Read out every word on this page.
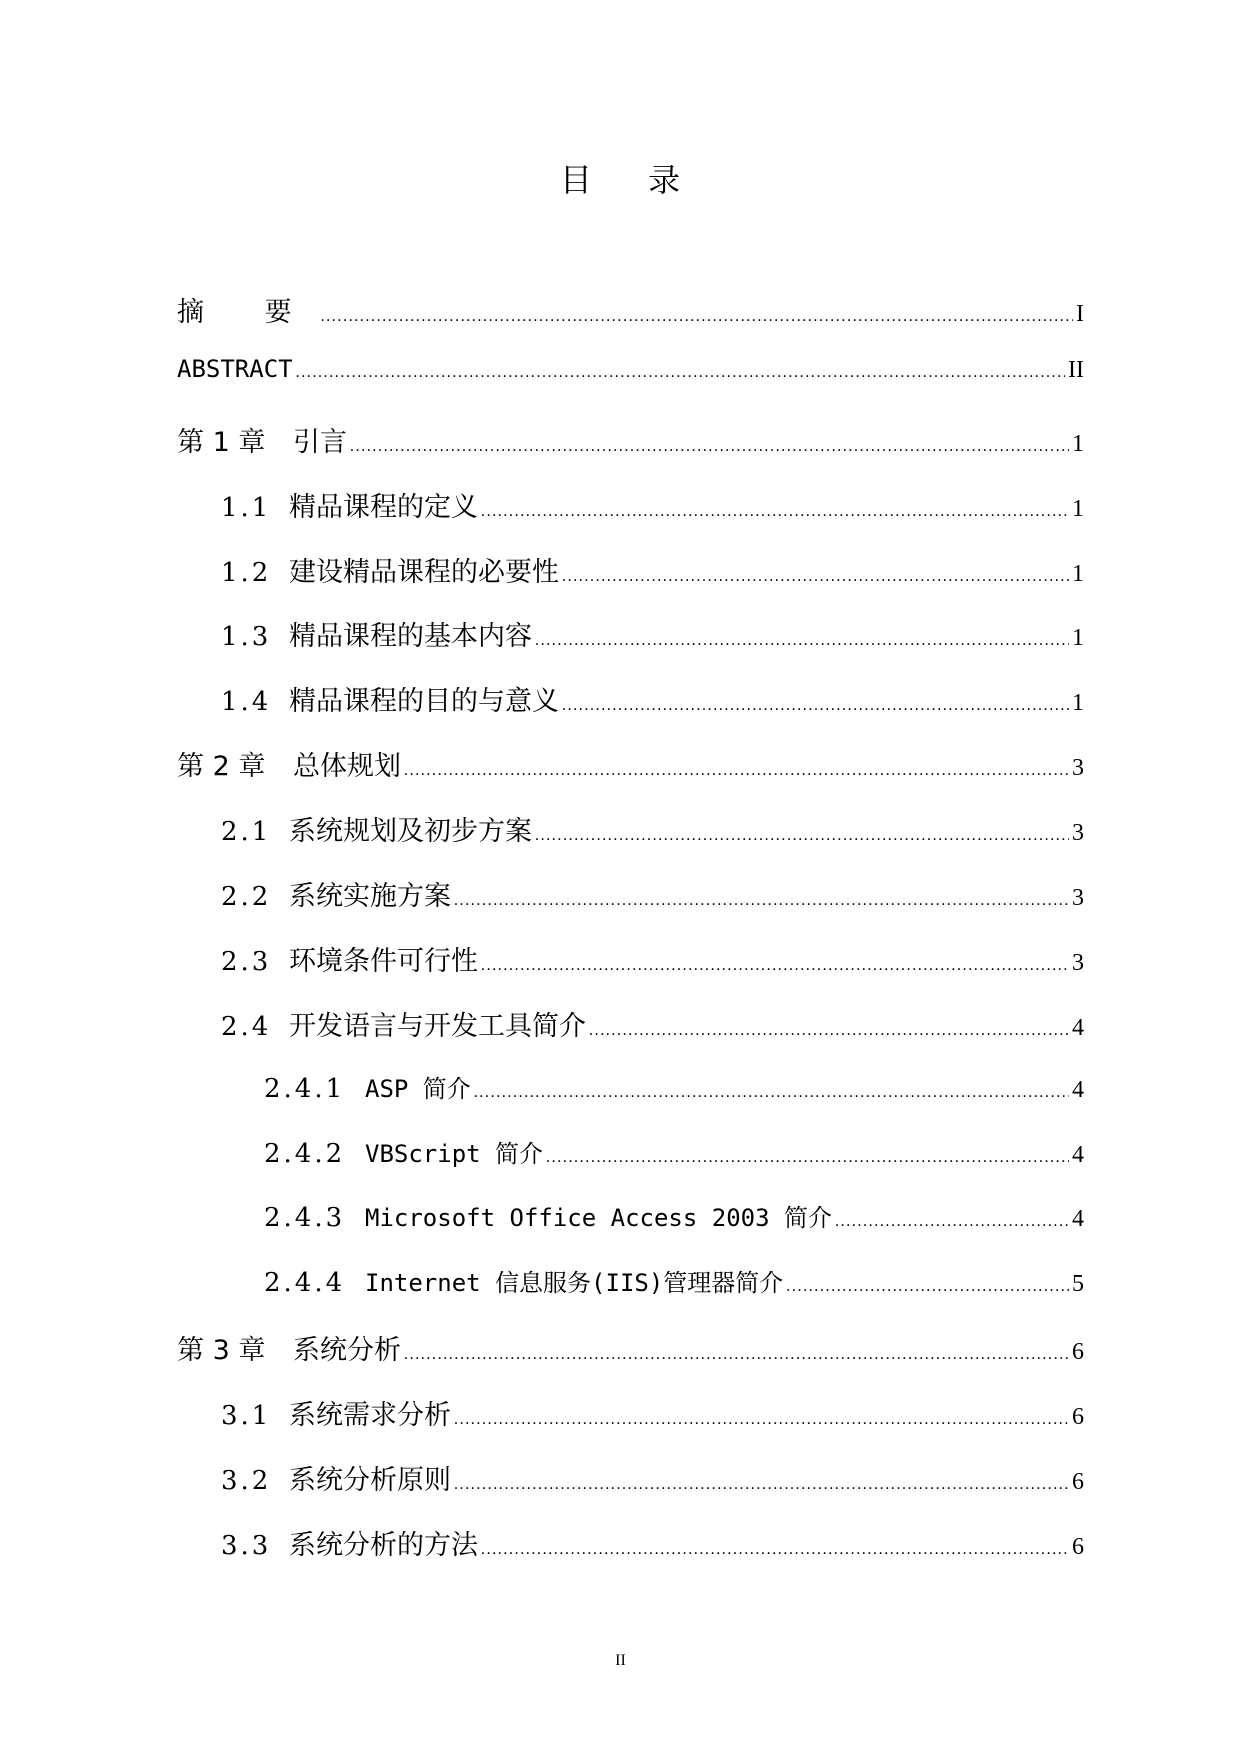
目 录
摘 要 .....	I
ABSTRACT .....	II
第 1 章	引言 .....	1
1.1 精品课程的定义 .....	1
1.2 建设精品课程的必要性 .....	1
1.3 精品课程的基本内容 .....	1
1.4 精品课程的目的与意义 .....	1
第 2 章	总体规划 .....	3
2.1 系统规划及初步方案 .....	3
2.2 系统实施方案 .....	3
2.3 环境条件可行性 .....	3
2.4 开发语言与开发工具简介 .....	4
2.4.1 ASP 简介 .....	4
2.4.2 VBScript 简介 .....	4
2.4.3 Microsoft Office Access 2003 简介 .....	4
2.4.4 Internet 信息服务(IIS)管理器简介 .....	5
第 3 章	系统分析 .....	6
3.1 系统需求分析 .....	6
3.2 系统分析原则 .....	6
3.3 系统分析的方法 .....	6
II
